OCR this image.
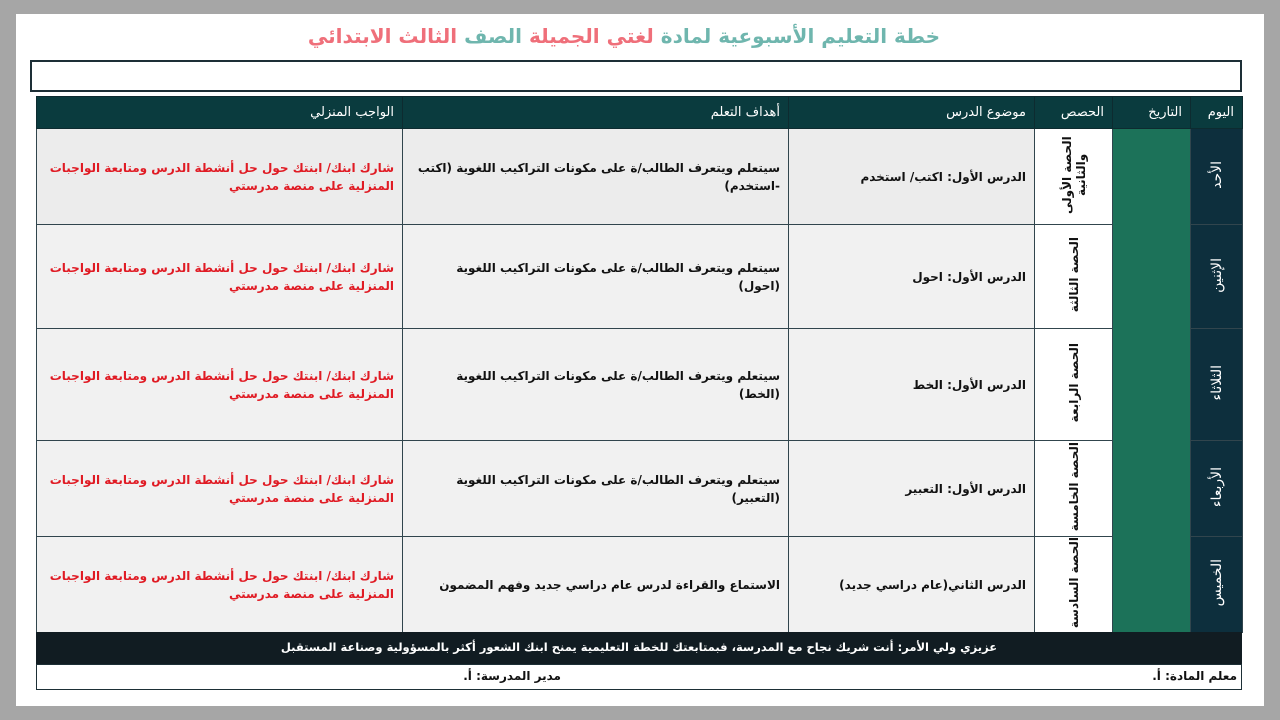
خطة التعليم الأسبوعية لمادة لغتي الجميلة الصف الثالث الابتدائي
اليوم	التاريخ	الحصص	موضوع الدرس	أهداف التعلم	الواجب المنزلي
الأحد		الحصة الأولى والثانية	الدرس الأول: اكتب/ استخدم	سيتعلم ويتعرف الطالب/ة على مكونات التراكيب اللغوية (اكتب -استخدم)	شارك ابنك/ ابنتك حول حل أنشطة الدرس ومتابعة الواجبات المنزلية على منصة مدرستي
الإثنين		الحصة الثالثة	الدرس الأول: احول	سيتعلم ويتعرف الطالب/ة على مكونات التراكيب اللغوية (احول)	شارك ابنك/ ابنتك حول حل أنشطة الدرس ومتابعة الواجبات المنزلية على منصة مدرستي
الثلاثاء		الحصة الرابعة	الدرس الأول: الخط	سيتعلم ويتعرف الطالب/ة على مكونات التراكيب اللغوية (الخط)	شارك ابنك/ ابنتك حول حل أنشطة الدرس ومتابعة الواجبات المنزلية على منصة مدرستي
الأربعاء		الحصة الخامسة	الدرس الأول: التعبير	سيتعلم ويتعرف الطالب/ة على مكونات التراكيب اللغوية (التعبير)	شارك ابنك/ ابنتك حول حل أنشطة الدرس ومتابعة الواجبات المنزلية على منصة مدرستي
الخميس		الحصة السادسة	الدرس الثاني(عام دراسي جديد)	الاستماع والقراءة لدرس عام دراسي جديد وفهم المضمون	شارك ابنك/ ابنتك حول حل أنشطة الدرس ومتابعة الواجبات المنزلية على منصة مدرستي
عزيزي ولي الأمر: أنت شريك نجاح مع المدرسة، فبمتابعتك للخطة التعليمية يمنح ابنك الشعور أكثر بالمسؤولية وصناعة المستقبل
معلم المادة: أ.
مدير المدرسة: أ.
